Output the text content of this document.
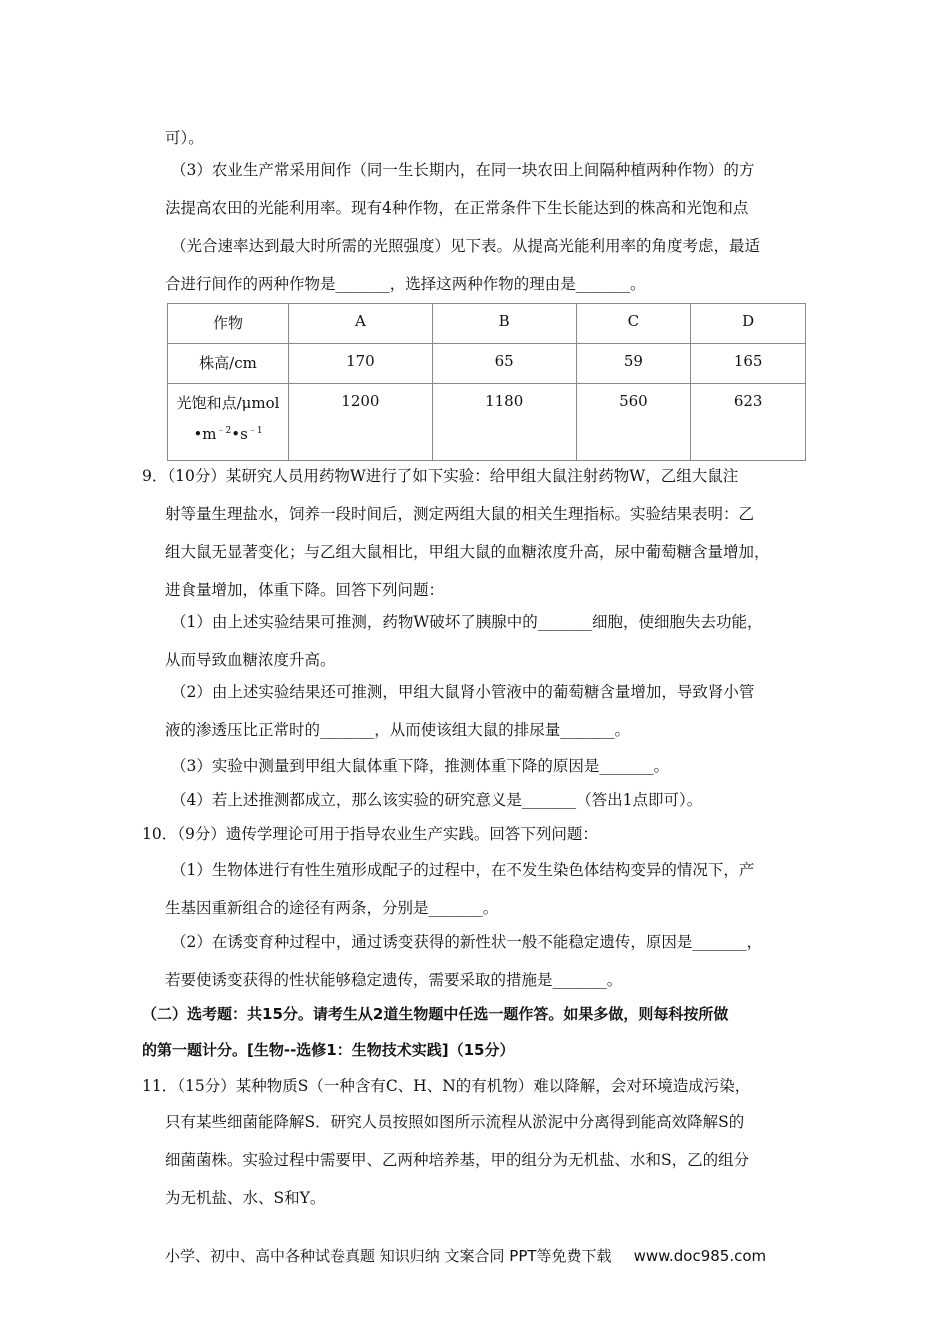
可）。
（3）农业生产常采用间作（同一生长期内，在同一块农田上间隔种植两种作物）的方
法提高农田的光能利用率。现有4种作物，在正常条件下生长能达到的株高和光饱和点
（光合速率达到最大时所需的光照强度）见下表。从提高光能利用率的角度考虑，最适
合进行间作的两种作物是_______，选择这两种作物的理由是_______。
作物	A	B	C	D
株高/cm	170	65	59	165

光饱和点/μmol
$•m^{﹣2}•s^{﹣1}$	1200	1180	560	623
9．（10分）某研究人员用药物W进行了如下实验：给甲组大鼠注射药物W，乙组大鼠注
射等量生理盐水，饲养一段时间后，测定两组大鼠的相关生理指标。实验结果表明：乙
组大鼠无显著变化；与乙组大鼠相比，甲组大鼠的血糖浓度升高，尿中葡萄糖含量增加，
进食量增加，体重下降。回答下列问题：
（1）由上述实验结果可推测，药物W破坏了胰腺中的_______细胞，使细胞失去功能，
从而导致血糖浓度升高。
（2）由上述实验结果还可推测，甲组大鼠肾小管液中的葡萄糖含量增加，导致肾小管
液的渗透压比正常时的_______，从而使该组大鼠的排尿量_______。
（3）实验中测量到甲组大鼠体重下降，推测体重下降的原因是_______。
（4）若上述推测都成立，那么该实验的研究意义是_______（答出1点即可）。
10．（9分）遗传学理论可用于指导农业生产实践。回答下列问题：
（1）生物体进行有性生殖形成配子的过程中，在不发生染色体结构变异的情况下，产
生基因重新组合的途径有两条，分别是_______。
（2）在诱变育种过程中，通过诱变获得的新性状一般不能稳定遗传，原因是_______，
若要使诱变获得的性状能够稳定遗传，需要采取的措施是_______。
（二）选考题：共15分。请考生从2道生物题中任选一题作答。如果多做，则每科按所做
的第一题计分。[生物--选修1：生物技术实践]（15分）
11．（15分）某种物质S（一种含有C、H、N的有机物）难以降解，会对环境造成污染，
只有某些细菌能降解S．研究人员按照如图所示流程从淤泥中分离得到能高效降解S的
细菌菌株。实验过程中需要甲、乙两种培养基，甲的组分为无机盐、水和S，乙的组分
为无机盐、水、S和Y。
小学、初中、高中各种试卷真题 知识归纳 文案合同 PPT等免费下载 www.doc985.com
